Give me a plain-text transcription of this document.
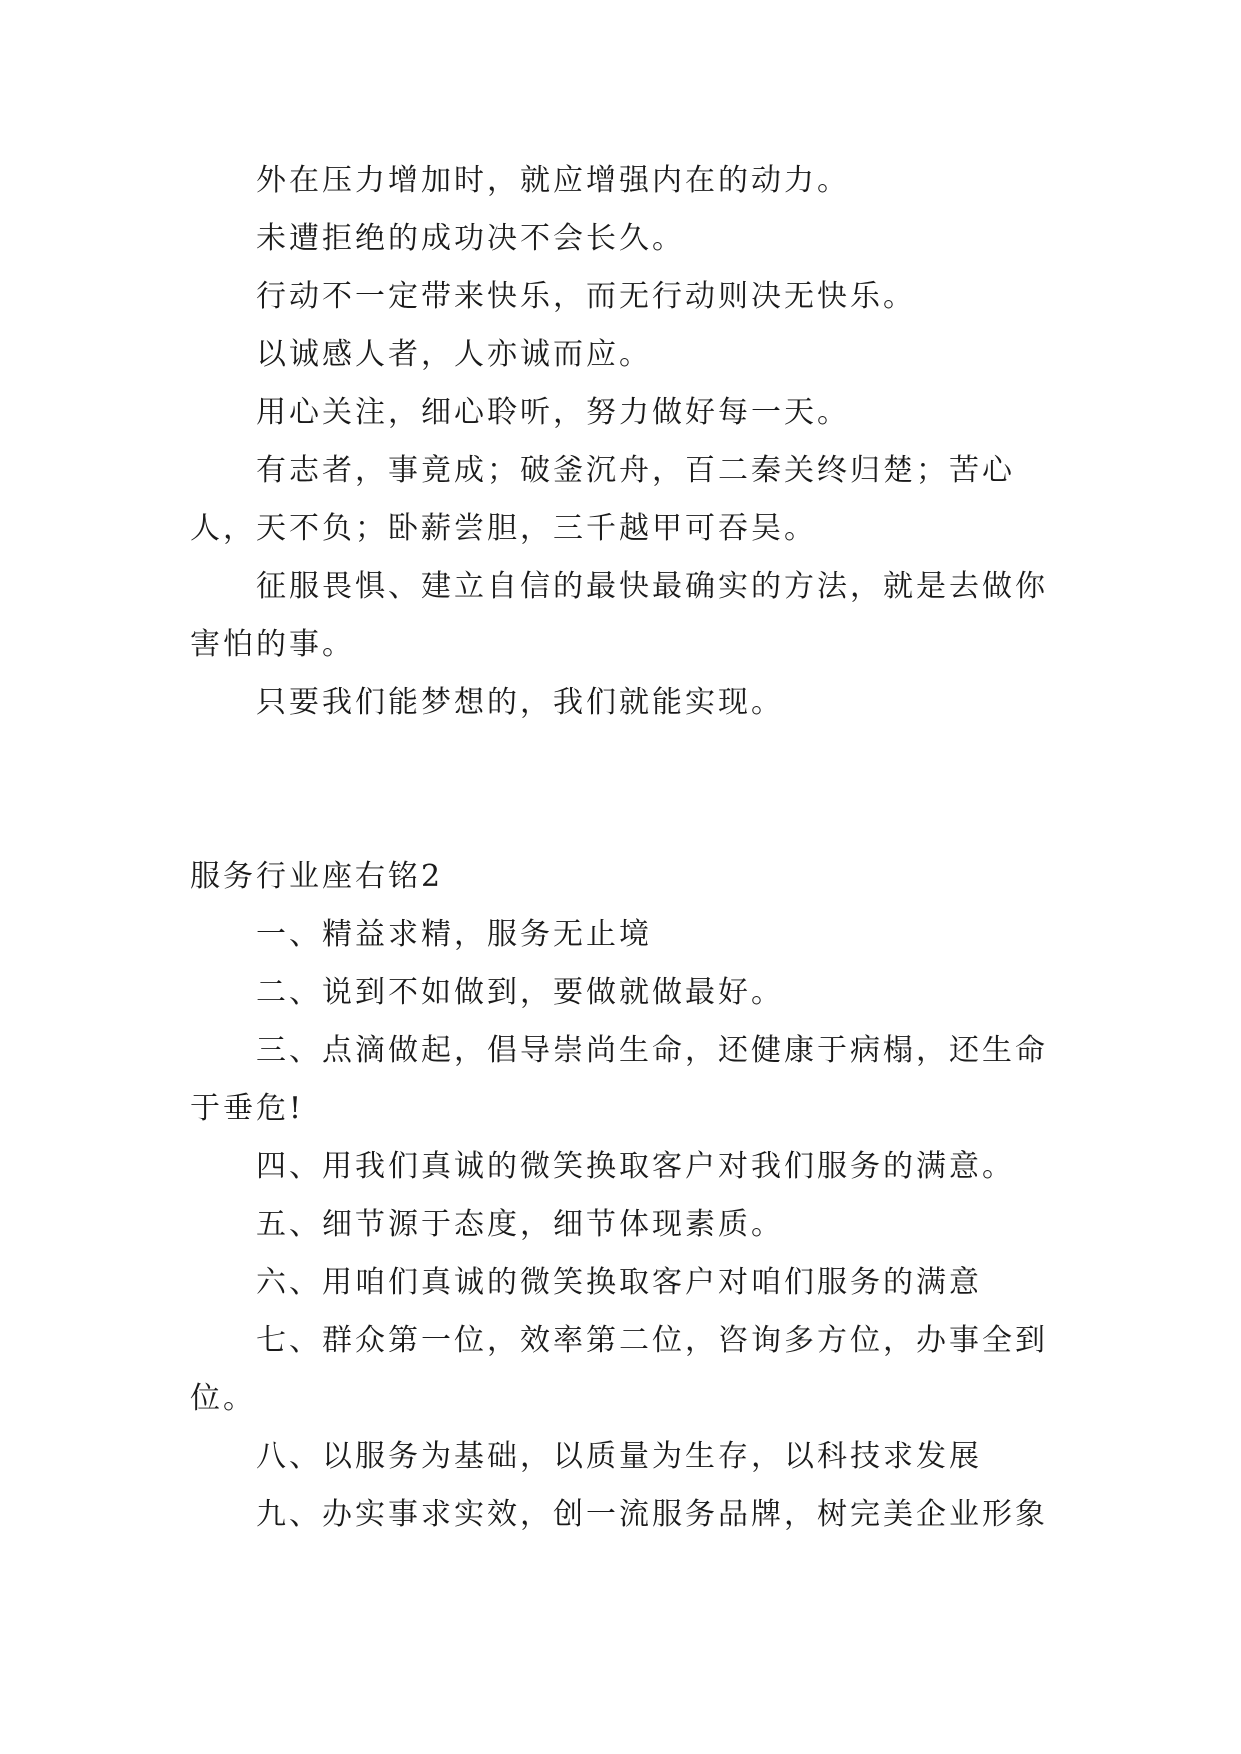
外在压力增加时，就应增强内在的动力。

未遭拒绝的成功决不会长久。

行动不一定带来快乐，而无行动则决无快乐。

以诚感人者，人亦诚而应。

用心关注，细心聆听，努力做好每一天。

有志者，事竟成；破釜沉舟，百二秦关终归楚；苦心人，天不负；卧薪尝胆，三千越甲可吞吴。

征服畏惧、建立自信的最快最确实的方法，就是去做你害怕的事。

只要我们能梦想的，我们就能实现。

服务行业座右铭2

一、精益求精，服务无止境

二、说到不如做到，要做就做最好。

三、点滴做起，倡导崇尚生命，还健康于病榻，还生命于垂危!

四、用我们真诚的微笑换取客户对我们服务的满意。

五、细节源于态度，细节体现素质。

六、用咱们真诚的微笑换取客户对咱们服务的满意

七、群众第一位，效率第二位，咨询多方位，办事全到位。

八、以服务为基础，以质量为生存，以科技求发展

九、办实事求实效，创一流服务品牌，树完美企业形象
